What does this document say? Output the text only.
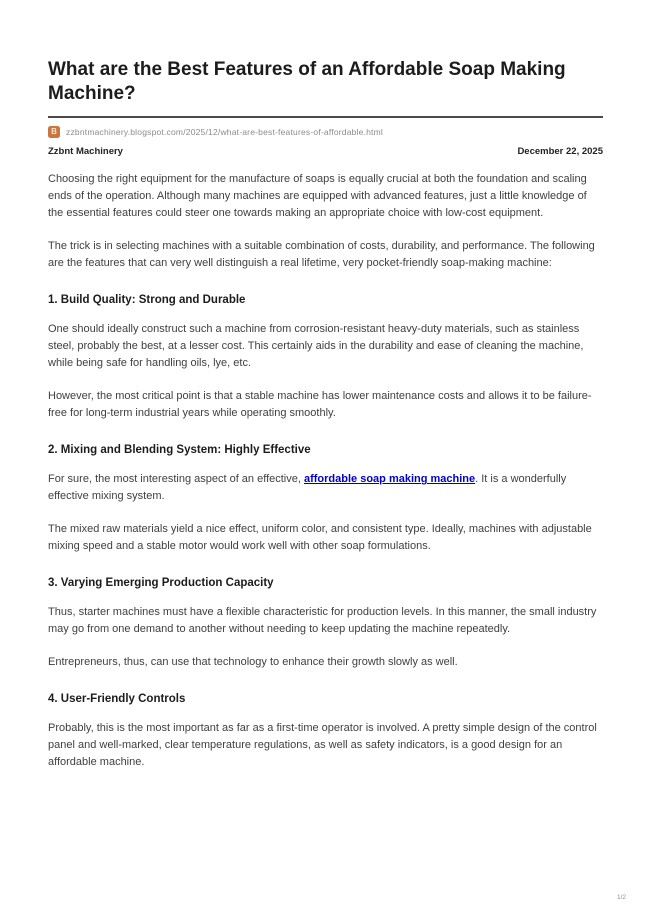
What are the Best Features of an Affordable Soap Making Machine?
B	zzbntmachinery.blogspot.com/2025/12/what-are-best-features-of-affordable.html
Zzbnt Machinery	December 22, 2025

Choosing the right equipment for the manufacture of soaps is equally crucial at both the foundation and scaling ends of the operation. Although many machines are equipped with advanced features, just a little knowledge of the essential features could steer one towards making an appropriate choice with low-cost equipment.

The trick is in selecting machines with a suitable combination of costs, durability, and performance. The following are the features that can very well distinguish a real lifetime, very pocket-friendly soap-making machine:

1. Build Quality: Strong and Durable

One should ideally construct such a machine from corrosion-resistant heavy-duty materials, such as stainless steel, probably the best, at a lesser cost. This certainly aids in the durability and ease of cleaning the machine, while being safe for handling oils, lye, etc.

However, the most critical point is that a stable machine has lower maintenance costs and allows it to be failure-free for long-term industrial years while operating smoothly.

2. Mixing and Blending System: Highly Effective

For sure, the most interesting aspect of an effective, affordable soap making machine. It is a wonderfully effective mixing system.

The mixed raw materials yield a nice effect, uniform color, and consistent type. Ideally, machines with adjustable mixing speed and a stable motor would work well with other soap formulations.

3. Varying Emerging Production Capacity

Thus, starter machines must have a flexible characteristic for production levels. In this manner, the small industry may go from one demand to another without needing to keep updating the machine repeatedly.

Entrepreneurs, thus, can use that technology to enhance their growth slowly as well.

4. User-Friendly Controls

Probably, this is the most important as far as a first-time operator is involved. A pretty simple design of the control panel and well-marked, clear temperature regulations, as well as safety indicators, is a good design for an affordable machine.

1/2
